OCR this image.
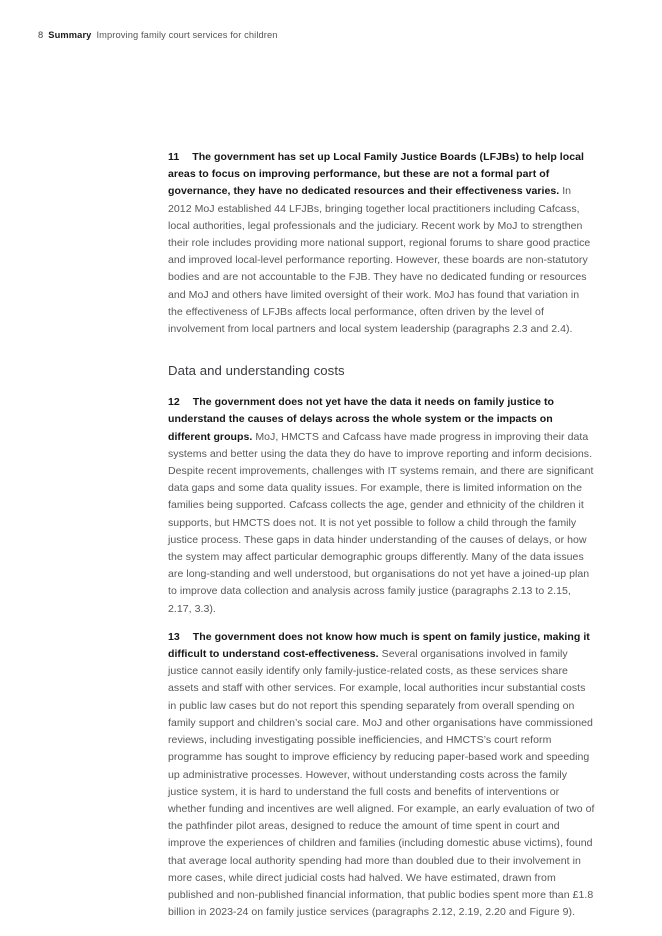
8 Summary Improving family court services for children

11 The government has set up Local Family Justice Boards (LFJBs) to help local areas to focus on improving performance, but these are not a formal part of governance, they have no dedicated resources and their effectiveness varies. In 2012 MoJ established 44 LFJBs, bringing together local practitioners including Cafcass, local authorities, legal professionals and the judiciary. Recent work by MoJ to strengthen their role includes providing more national support, regional forums to share good practice and improved local-level performance reporting. However, these boards are non-statutory bodies and are not accountable to the FJB. They have no dedicated funding or resources and MoJ and others have limited oversight of their work. MoJ has found that variation in the effectiveness of LFJBs affects local performance, often driven by the level of involvement from local partners and local system leadership (paragraphs 2.3 and 2.4).

Data and understanding costs

12 The government does not yet have the data it needs on family justice to understand the causes of delays across the whole system or the impacts on different groups. MoJ, HMCTS and Cafcass have made progress in improving their data systems and better using the data they do have to improve reporting and inform decisions. Despite recent improvements, challenges with IT systems remain, and there are significant data gaps and some data quality issues. For example, there is limited information on the families being supported. Cafcass collects the age, gender and ethnicity of the children it supports, but HMCTS does not. It is not yet possible to follow a child through the family justice process. These gaps in data hinder understanding of the causes of delays, or how the system may affect particular demographic groups differently. Many of the data issues are long-standing and well understood, but organisations do not yet have a joined-up plan to improve data collection and analysis across family justice (paragraphs 2.13 to 2.15, 2.17, 3.3).

13 The government does not know how much is spent on family justice, making it difficult to understand cost-effectiveness. Several organisations involved in family justice cannot easily identify only family-justice-related costs, as these services share assets and staff with other services. For example, local authorities incur substantial costs in public law cases but do not report this spending separately from overall spending on family support and children’s social care. MoJ and other organisations have commissioned reviews, including investigating possible inefficiencies, and HMCTS’s court reform programme has sought to improve efficiency by reducing paper-based work and speeding up administrative processes. However, without understanding costs across the family justice system, it is hard to understand the full costs and benefits of interventions or whether funding and incentives are well aligned. For example, an early evaluation of two of the pathfinder pilot areas, designed to reduce the amount of time spent in court and improve the experiences of children and families (including domestic abuse victims), found that average local authority spending had more than doubled due to their involvement in more cases, while direct judicial costs had halved. We have estimated, drawn from published and non-published financial information, that public bodies spent more than £1.8 billion in 2023-24 on family justice services (paragraphs 2.12, 2.19, 2.20 and Figure 9).
